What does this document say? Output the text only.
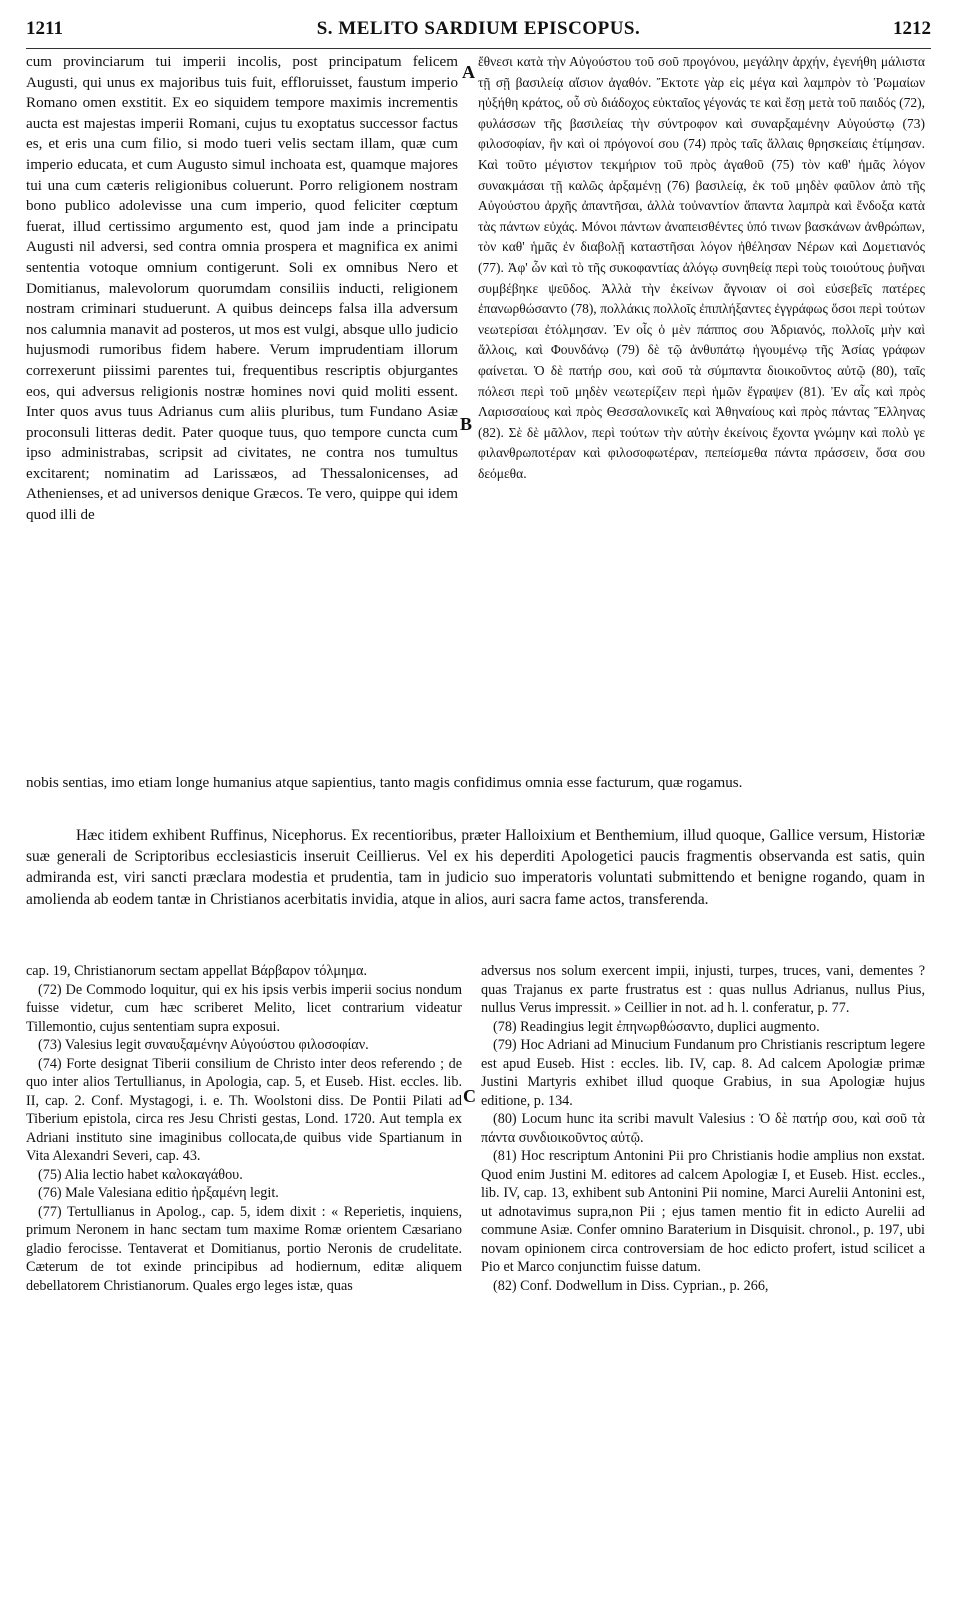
1211	S. MELITO SARDIUM EPISCOPUS.	1212
A
B
C

cum provinciarum tui imperii incolis, post principatum felicem Augusti, qui unus ex majoribus tuis fuit, effloruisset, faustum imperio Romano omen exstitit. Ex eo siquidem tempore maximis incrementis aucta est majestas imperii Romani, cujus tu exoptatus successor factus es, et eris una cum filio, si modo tueri velis sectam illam, quæ cum imperio educata, et cum Augusto simul inchoata est, quamque majores tui una cum cæteris religionibus coluerunt. Porro religionem nostram bono publico adolevisse una cum imperio, quod feliciter cœptum fuerat, illud certissimo argumento est, quod jam inde a principatu Augusti nil adversi, sed contra omnia prospera et magnifica ex animi sententia votoque omnium contigerunt. Soli ex omnibus Nero et Domitianus, malevolorum quorumdam consiliis inducti, religionem nostram criminari studuerunt. A quibus deinceps falsa illa adversum nos calumnia manavit ad posteros, ut mos est vulgi, absque ullo judicio hujusmodi rumoribus fidem habere. Verum imprudentiam illorum correxerunt piissimi parentes tui, frequentibus rescriptis objurgantes eos, qui adversus religionis nostræ homines novi quid moliti essent. Inter quos avus tuus Adrianus cum aliis pluribus, tum Fundano Asiæ proconsuli litteras dedit. Pater quoque tuus, quo tempore cuncta cum ipso administrabas, scripsit ad civitates, ne contra nos tumultus excitarent; nominatim ad Larissæos, ad Thessalonicenses, ad Athenienses, et ad universos denique Græcos. Te vero, quippe qui idem quod illi de

ἔθνεσι κατὰ τὴν Αὐγούστου τοῦ σοῦ προγόνου, μεγάλην ἀρχήν, ἐγενήθη μάλιστα τῇ σῇ βασιλείᾳ αἴσιον ἀγαθόν. Ἔκτοτε γὰρ εἰς μέγα καὶ λαμπρὸν τὸ Ῥωμαίων ηὐξήθη κράτος, οὗ σὺ διάδοχος εὐκταῖος γέγονάς τε καὶ ἔσῃ μετὰ τοῦ παιδός (72), φυλάσσων τῆς βασιλείας τὴν σύντροφον καὶ συναρξαμένην Αὐγούστῳ (73) φιλοσοφίαν, ἣν καὶ οἱ πρόγονοί σου (74) πρὸς ταῖς ἄλλαις θρησκείαις ἐτίμησαν. Καὶ τοῦτο μέγιστον τεκμήριον τοῦ πρὸς ἀγαθοῦ (75) τὸν καθ' ἡμᾶς λόγον συνακμάσαι τῇ καλῶς ἀρξαμένῃ (76) βασιλείᾳ, ἐκ τοῦ μηδὲν φαῦλον ἀπὸ τῆς Αὐγούστου ἀρχῆς ἀπαντῆσαι, ἀλλὰ τοὐναντίον ἅπαντα λαμπρὰ καὶ ἔνδοξα κατὰ τὰς πάντων εὐχάς. Μόνοι πάντων ἀναπεισθέντες ὑπό τινων βασκάνων ἀνθρώπων, τὸν καθ' ἡμᾶς ἐν διαβολῇ καταστῆσαι λόγον ἠθέλησαν Νέρων καὶ Δομετιανός (77). Ἀφ' ὧν καὶ τὸ τῆς συκοφαντίας ἀλόγῳ συνηθείᾳ περὶ τοὺς τοιούτους ῥυῆναι συμβέβηκε ψεῦδος. Ἀλλὰ τὴν ἐκείνων ἄγνοιαν οἱ σοὶ εὐσεβεῖς πατέρες ἐπανωρθώσαντο (78), πολλάκις πολλοῖς ἐπιπλήξαντες ἐγγράφως ὅσοι περὶ τούτων νεωτερίσαι ἐτόλμησαν. Ἐν οἷς ὁ μὲν πάππος σου Ἀδριανός, πολλοῖς μὴν καὶ ἄλλοις, καὶ Φουνδάνῳ (79) δὲ τῷ ἀνθυπάτῳ ἡγουμένῳ τῆς Ἀσίας γράφων φαίνεται. Ὁ δὲ πατήρ σου, καὶ σοῦ τὰ σύμπαντα διοικοῦντος αὐτῷ (80), ταῖς πόλεσι περὶ τοῦ μηδὲν νεωτερίζειν περὶ ἡμῶν ἔγραψεν (81). Ἐν αἷς καὶ πρὸς Λαρισσαίους καὶ πρὸς Θεσσαλονικεῖς καὶ Ἀθηναίους καὶ πρὸς πάντας Ἕλληνας (82). Σὲ δὲ μᾶλλον, περὶ τούτων τὴν αὐτὴν ἐκείνοις ἔχοντα γνώμην καὶ πολὺ γε φιλανθρωποτέραν καὶ φιλοσοφωτέραν, πεπείσμεθα πάντα πράσσειν, ὅσα σου δεόμεθα.

nobis sentias, imo etiam longe humanius atque sapientius, tanto magis confidimus omnia esse facturum, quæ rogamus.
Hæc itidem exhibent Ruffinus, Nicephorus. Ex recentioribus, præter Halloixium et Benthemium, illud quoque, Gallice versum, Historiæ suæ generali de Scriptoribus ecclesiasticis inseruit Ceillierus. Vel ex his deperditi Apologetici paucis fragmentis observanda est satis, quin admiranda est, viri sancti præclara modestia et prudentia, tam in judicio suo imperatoris voluntati submittendo et benigne rogando, quam in amolienda ab eodem tantæ in Christianos acerbitatis invidia, atque in alios, auri sacra fame actos, transferenda.

cap. 19, Christianorum sectam appellat Βάρβαρον τόλμημα.

(72) De Commodo loquitur, qui ex his ipsis verbis imperii socius nondum fuisse videtur, cum hæc scriberet Melito, licet contrarium videatur Tillemontio, cujus sententiam supra exposui.

(73) Valesius legit συναυξαμένην Αὐγούστου φιλοσοφίαν.

(74) Forte designat Tiberii consilium de Christo inter deos referendo ; de quo inter alios Tertullianus, in Apologia, cap. 5, et Euseb. Hist. eccles. lib. II, cap. 2. Conf. Mystagogi, i. e. Th. Woolstoni diss. De Pontii Pilati ad Tiberium epistola, circa res Jesu Christi gestas, Lond. 1720. Aut templa ex Adriani instituto sine imaginibus collocata,de quibus vide Spartianum in Vita Alexandri Severi, cap. 43.

(75) Alia lectio habet καλοκαγάθου.

(76) Male Valesiana editio ἠρξαμένη legit.

(77) Tertullianus in Apolog., cap. 5, idem dixit : « Reperietis, inquiens, primum Neronem in hanc sectam tum maxime Romæ orientem Cæsariano gladio ferocisse. Tentaverat et Domitianus, portio Neronis de crudelitate. Cæterum de tot exinde principibus ad hodiernum, editæ aliquem debellatorem Christianorum. Quales ergo leges istæ, quas

adversus nos solum exercent impii, injusti, turpes, truces, vani, dementes ? quas Trajanus ex parte frustratus est : quas nullus Adrianus, nullus Pius, nullus Verus impressit. » Ceillier in not. ad h. l. conferatur, p. 77.

(78) Readingius legit ἐπηνωρθώσαντο, duplici augmento.

(79) Hoc Adriani ad Minucium Fundanum pro Christianis rescriptum legere est apud Euseb. Hist : eccles. lib. IV, cap. 8. Ad calcem Apologiæ primæ Justini Martyris exhibet illud quoque Grabius, in sua Apologiæ hujus editione, p. 134.

(80) Locum hunc ita scribi mavult Valesius : Ὁ δὲ πατήρ σου, καὶ σοῦ τὰ πάντα συνδιοικοῦντος αὐτῷ.

(81) Hoc rescriptum Antonini Pii pro Christianis hodie amplius non exstat. Quod enim Justini M. editores ad calcem Apologiæ I, et Euseb. Hist. eccles., lib. IV, cap. 13, exhibent sub Antonini Pii nomine, Marci Aurelii Antonini est, ut adnotavimus supra,non Pii ; ejus tamen mentio fit in edicto Aurelii ad commune Asiæ. Confer omnino Baraterium in Disquisit. chronol., p. 197, ubi novam opinionem circa controversiam de hoc edicto profert, istud scilicet a Pio et Marco conjunctim fuisse datum.

(82) Conf. Dodwellum in Diss. Cyprian., p. 266,
